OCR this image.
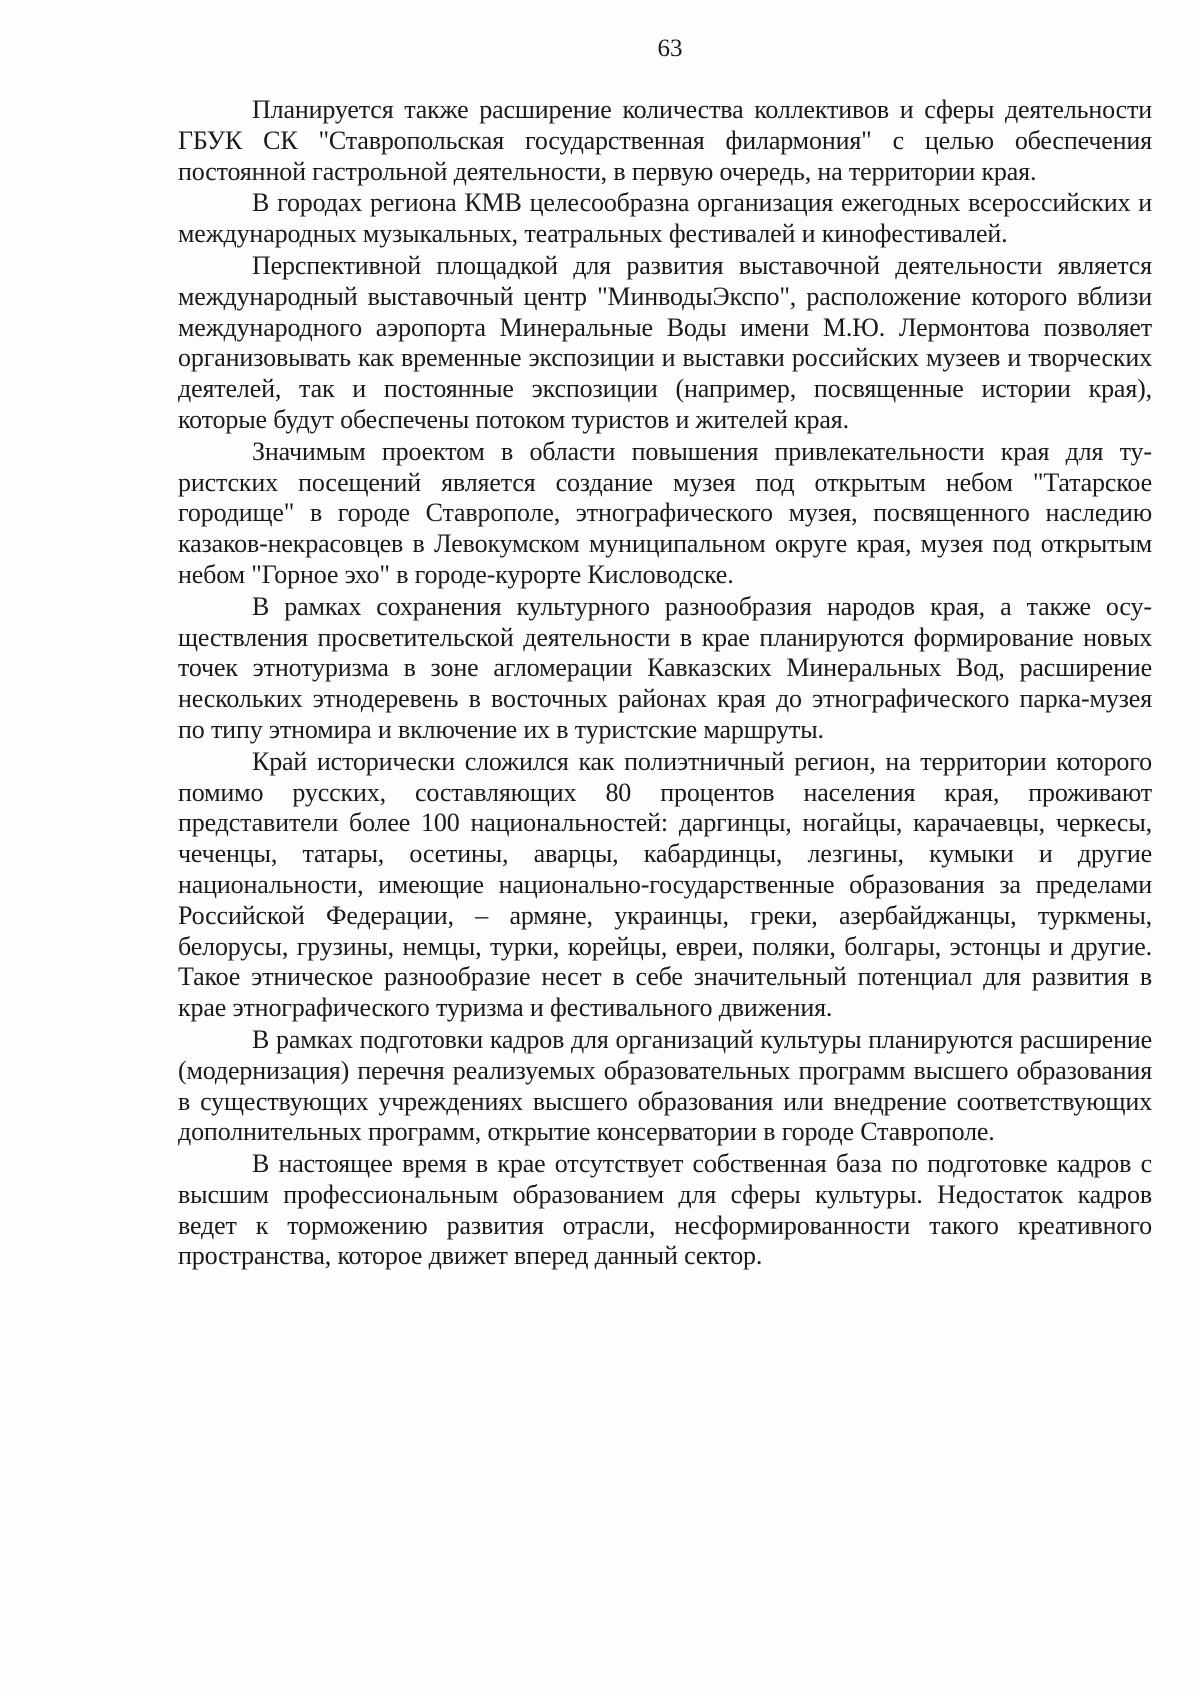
63

Планируется также расширение количества коллективов и сферы деятельности ГБУК СК "Ставропольская государственная филармония" с целью обеспечения постоянной гастрольной деятельности, в первую очередь, на территории края.

В городах региона КМВ целесообразна организация ежегодных всероссийских и международных музыкальных, театральных фестивалей и кинофестивалей.

Перспективной площадкой для развития выставочной деятельности является международный выставочный центр "МинводыЭкспо", расположение которого вблизи международного аэропорта Минеральные Воды имени М.Ю. Лермонтова позволяет организовывать как временные экспозиции и выставки российских музеев и творческих деятелей, так и постоянные экспозиции (например, посвященные истории края), которые будут обеспечены потоком туристов и жителей края.

Значимым проектом в области повышения привлекательности края для туристских посещений является создание музея под открытым небом "Татарское городище" в городе Ставрополе, этнографического музея, посвященного наследию казаков-некрасовцев в Левокумском муниципальном округе края, музея под открытым небом "Горное эхо" в городе-курорте Кисловодске.

В рамках сохранения культурного разнообразия народов края, а также осуществления просветительской деятельности в крае планируются формирование новых точек этнотуризма в зоне агломерации Кавказских Минеральных Вод, расширение нескольких этнодеревень в восточных районах края до этнографического парка-музея по типу этномира и включение их в туристские маршруты.

Край исторически сложился как полиэтничный регион, на территории которого помимо русских, составляющих 80 процентов населения края, проживают представители более 100 национальностей: даргинцы, ногайцы, карачаевцы, черкесы, чеченцы, татары, осетины, аварцы, кабардинцы, лезгины, кумыки и другие национальности, имеющие национально-государственные образования за пределами Российской Федерации, – армяне, украинцы, греки, азербайджанцы, туркмены, белорусы, грузины, немцы, турки, корейцы, евреи, поляки, болгары, эстонцы и другие. Такое этническое разнообразие несет в себе значительный потенциал для развития в крае этнографического туризма и фестивального движения.

В рамках подготовки кадров для организаций культуры планируются расширение (модернизация) перечня реализуемых образовательных программ высшего образования в существующих учреждениях высшего образования или внедрение соответствующих дополнительных программ, открытие консерватории в городе Ставрополе.

В настоящее время в крае отсутствует собственная база по подготовке кадров с высшим профессиональным образованием для сферы культуры. Недостаток кадров ведет к торможению развития отрасли, несформированности такого креативного пространства, которое движет вперед данный сектор.
